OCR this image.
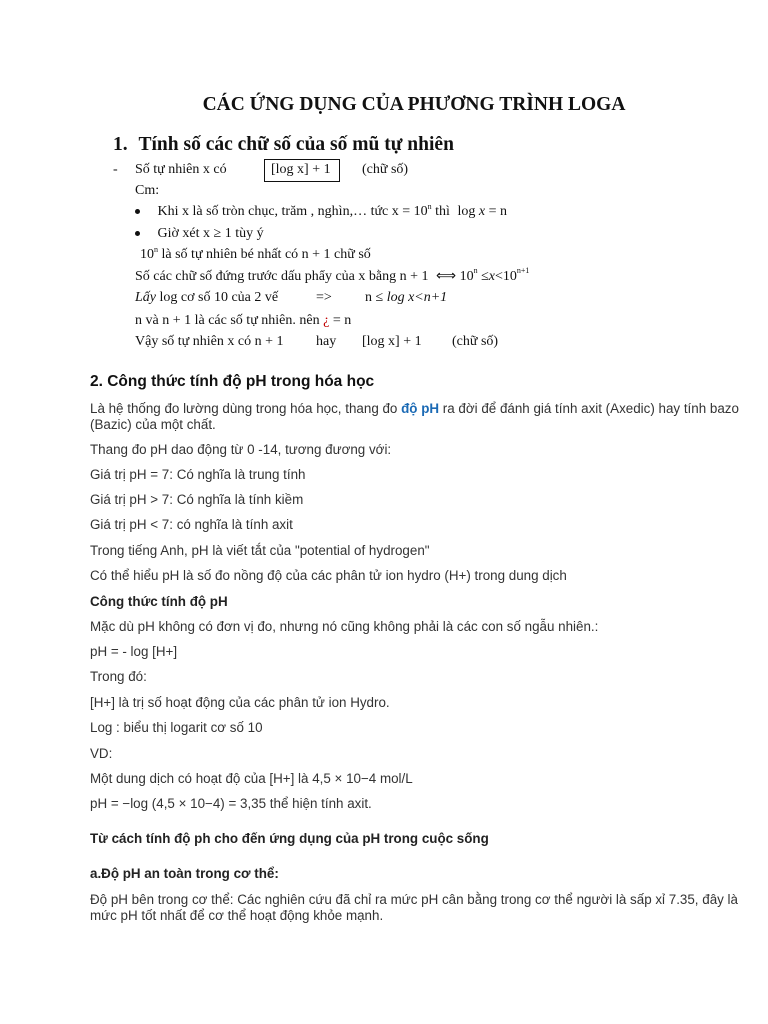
CÁC ỨNG DỤNG CỦA PHƯƠNG TRÌNH LOGA
1. Tính số các chữ số của số mũ tự nhiên
- Số tự nhiên x có	[log x] + 1	(chữ số)
Cm:
Khi x là số tròn chục, trăm , nghìn,… tức $x = 10^n$ thì log x = n
Giờ xét x ≥ 1 tùy ý
10$^n$ là số tự nhiên bé nhất có n + 1 chữ số
Số các chữ số đứng trước dấu phẩy của x bằng n + 1 ⟺ $10^n \le x<10^{n+1}$
Lấy log cơ số 10 của 2 vế	=> n ≤ log x<n+1
n và n + 1 là các số tự nhiên. nên ¿ = n
Vậy số tự nhiên x có n + 1 hay [log x] + 1 (chữ số)
2. Công thức tính độ pH trong hóa học
Là hệ thống đo lường dùng trong hóa học, thang đo độ pH ra đời để đánh giá tính axit (Axedic) hay tính bazo (Bazic) của một chất.
Thang đo pH dao động từ 0 -14, tương đương với:
Giá trị pH = 7: Có nghĩa là trung tính
Giá trị pH > 7: Có nghĩa là tính kiềm
Giá trị pH < 7: có nghĩa là tính axit
Trong tiếng Anh, pH là viết tắt của "potential of hydrogen"
Có thể hiểu pH là số đo nồng độ của các phân tử ion hydro (H+) trong dung dịch
Công thức tính độ pH
Mặc dù pH không có đơn vị đo, nhưng nó cũng không phải là các con số ngẫu nhiên.:
pH = - log [H+]
Trong đó:
[H+] là trị số hoạt động của các phân tử ion Hydro.
Log : biểu thị logarit cơ số 10
VD:
Một dung dịch có hoạt độ của [H+] là 4,5 × 10−4 mol/L
pH = −log (4,5 × 10−4) = 3,35 thể hiện tính axit.
Từ cách tính độ ph cho đến ứng dụng của pH trong cuộc sống
a.Độ pH an toàn trong cơ thể:
Độ pH bên trong cơ thể: Các nghiên cứu đã chỉ ra mức pH cân bằng trong cơ thể người là sấp xỉ 7.35, đây là mức pH tốt nhất để cơ thể hoạt động khỏe mạnh.
